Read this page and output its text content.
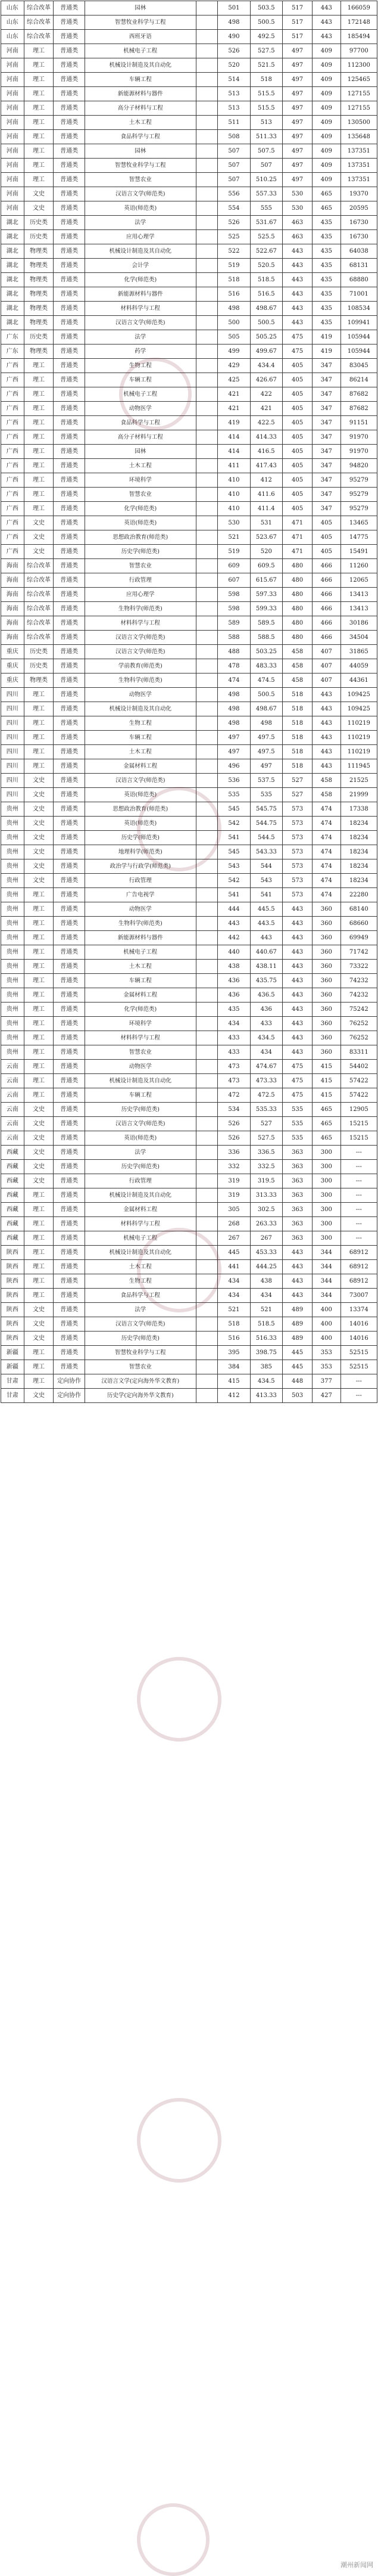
山东	综合改革	普通类	园林		501	503.5	517	443	166059
山东	综合改革	普通类	智慧牧业科学与工程		498	500.5	517	443	172148
山东	综合改革	普通类	西班牙语		490	492.5	517	443	185494
河南	理工	普通类	机械电子工程		526	527.5	497	409	97700
河南	理工	普通类	机械设计制造及其自动化		520	521.5	497	409	112300
河南	理工	普通类	车辆工程		514	518	497	409	125465
河南	理工	普通类	新能源材料与器件		513	515.5	497	409	127155
河南	理工	普通类	高分子材料与工程		513	515.5	497	409	127155
河南	理工	普通类	土木工程		511	513	497	409	130500
河南	理工	普通类	食品科学与工程		508	511.33	497	409	135648
河南	理工	普通类	园林		507	507.5	497	409	137351
河南	理工	普通类	智慧牧业科学与工程		507	507	497	409	137351
河南	理工	普通类	智慧农业		507	510.25	497	409	137351
河南	文史	普通类	汉语言文学(师范类)		556	557.33	530	465	19370
河南	文史	普通类	英语(师范类)		554	555	530	465	20595
湖北	历史类	普通类	法学		526	531.67	463	435	16730
湖北	历史类	普通类	应用心理学		525	525.5	463	435	16730
湖北	物理类	普通类	机械设计制造及其自动化		522	522.67	443	435	64038
湖北	物理类	普通类	会计学		519	520.5	443	435	68131
湖北	物理类	普通类	化学(师范类)		518	518.5	443	435	68880
湖北	物理类	普通类	新能源材料与器件		516	516.5	443	435	71001
湖北	物理类	普通类	材料科学与工程		498	498.67	443	435	108534
湖北	物理类	普通类	汉语言文学(师范类)		500	500.5	443	435	109941
广东	历史类	普通类	法学		505	505.25	475	419	105944
广东	物理类	普通类	药学		499	499.67	475	419	105944
广西	理工	普通类	生物工程		429	434.4	405	347	83045
广西	理工	普通类	车辆工程		425	426.67	405	347	86214
广西	理工	普通类	机械电子工程		421	422	405	347	87682
广西	理工	普通类	动物医学		421	421	405	347	87682
广西	理工	普通类	食品科学与工程		419	422.5	405	347	91151
广西	理工	普通类	高分子材料与工程		414	414.33	405	347	91970
广西	理工	普通类	园林		414	416.5	405	347	91970
广西	理工	普通类	土木工程		411	417.43	405	347	94820
广西	理工	普通类	环境科学		410	412	405	347	95279
广西	理工	普通类	智慧农业		410	411.6	405	347	95279
广西	理工	普通类	化学(师范类)		410	411.4	405	347	95279
广西	文史	普通类	英语(师范类)		530	531	471	405	13465
广西	文史	普通类	思想政治教育(师范类)		521	523.67	471	405	14775
广西	文史	普通类	历史学(师范类)		519	520	471	405	15491
海南	综合改革	普通类	智慧农业		609	609.5	480	466	11260
海南	综合改革	普通类	行政管理		607	615.67	480	466	12065
海南	综合改革	普通类	应用心理学		598	597.33	480	466	13413
海南	综合改革	普通类	生物科学(师范类)		598	599.33	480	466	13413
海南	综合改革	普通类	材料科学与工程		589	589.5	480	466	30186
海南	综合改革	普通类	汉语言文学(师范类)		588	588.5	480	466	34504
重庆	历史类	普通类	汉语言文学(师范类)		488	503.25	458	407	31865
重庆	历史类	普通类	学前教育(师范类)		478	483.33	458	407	44059
重庆	物理类	普通类	生物科学(师范类)		474	474.5	458	407	44361
四川	理工	普通类	动物医学		498	500.5	518	443	109425
四川	理工	普通类	机械设计制造及其自动化		498	498.67	518	443	109425
四川	理工	普通类	生物工程		498	498	518	443	110219
四川	理工	普通类	车辆工程		497	497.5	518	443	110219
四川	理工	普通类	土木工程		497	497.5	518	443	110219
四川	理工	普通类	金属材料工程		496	497	518	443	111945
四川	文史	普通类	汉语言文学(师范类)		536	537.5	527	458	21525
四川	文史	普通类	英语(师范类)		535	535	527	458	21999
贵州	文史	普通类	思想政治教育(师范类)		545	545.75	573	474	17338
贵州	文史	普通类	英语(师范类)		542	544.75	573	474	18234
贵州	文史	普通类	历史学(师范类)		541	544.5	573	474	18234
贵州	文史	普通类	地理科学(师范类)		545	543.33	573	474	18234
贵州	文史	普通类	政治学与行政学(师范类)		543	544	573	474	18234
贵州	文史	普通类	行政管理		542	543	573	474	18234
贵州	理工	普通类	广告电视学		541	541	573	474	22280
贵州	理工	普通类	动物医学		444	445.5	443	360	68140
贵州	理工	普通类	生物科学(师范类)		443	443.5	443	360	68660
贵州	理工	普通类	新能源材料与器件		442	443	443	360	69949
贵州	理工	普通类	机械电子工程		440	440.67	443	360	71742
贵州	理工	普通类	土木工程		438	438.11	443	360	73322
贵州	理工	普通类	车辆工程		436	435.75	443	360	74232
贵州	理工	普通类	金属材料工程		436	436.5	443	360	74232
贵州	理工	普通类	化学(师范类)		435	436	443	360	75242
贵州	理工	普通类	环境科学		434	433	443	360	76252
贵州	理工	普通类	材料科学与工程		433	434.5	443	360	76252
贵州	理工	普通类	智慧农业		433	434	443	360	83311
云南	理工	普通类	动物医学		473	474.67	475	415	54402
云南	理工	普通类	机械设计制造及其自动化		473	473.33	475	415	57422
云南	理工	普通类	车辆工程		472	472.5	475	415	57422
云南	文史	普通类	历史学(师范类)		534	535.33	535	465	12905
云南	文史	普通类	汉语言文学(师范类)		526	527	535	465	15215
云南	文史	普通类	英语(师范类)		526	527.5	535	465	15215
西藏	文史	普通类	法学		336	336.5	363	300	---
西藏	文史	普通类	历史学(师范类)		332	332.5	363	300	---
西藏	文史	普通类	行政管理		319	319.5	363	300	---
西藏	理工	普通类	机械设计制造及其自动化		319	313.33	363	300	---
西藏	理工	普通类	金属材料工程		305	302.5	363	300	---
西藏	理工	普通类	材料科学与工程		268	263.33	363	300	---
西藏	理工	普通类	机械电子工程		267	267	363	300	---
陕西	理工	普通类	机械设计制造及其自动化		445	453.33	443	344	68912
陕西	理工	普通类	土木工程		441	444.25	443	344	68912
陕西	理工	普通类	生物工程		434	438	443	344	68912
陕西	理工	普通类	食品科学与工程		434	434	443	344	73007
陕西	文史	普通类	法学		521	521	489	400	13374
陕西	文史	普通类	汉语言文学(师范类)		518	518.5	489	400	14016
陕西	文史	普通类	历史学(师范类)		516	516.33	489	400	14016
新疆	理工	普通类	智慧牧业科学与工程		395	398.75	445	353	52515
新疆	理工	普通类	智慧农业		384	385	445	353	52515
甘肃	理工	定向协作	汉语言文学(定向海外华文教育)		415	434.5	448	377	---
甘肃	文史	定向协作	历史学(定向海外华文教育)		412	413.33	503	427	---
潮州新闻网
